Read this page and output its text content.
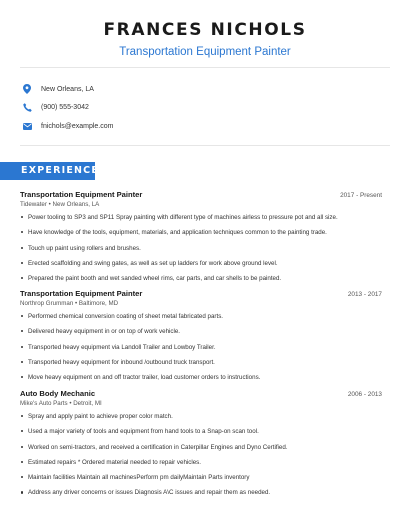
FRANCES NICHOLS
Transportation Equipment Painter
New Orleans, LA
(900) 555-3042
fnichols@example.com
EXPERIENCE
Transportation Equipment Painter	2017 - Present
Tidewater • New Orleans, LA
Power tooling to SP3 and SP11 Spray painting with different type of machines airless to pressure pot and all size.
Have knowledge of the tools, equipment, materials, and application techniques common to the painting trade.
Touch up paint using rollers and brushes.
Erected scaffolding and swing gates, as well as set up ladders for work above ground level.
Prepared the paint booth and wet sanded wheel rims, car parts, and car shells to be painted.
Transportation Equipment Painter	2013 - 2017
Northrop Grumman • Baltimore, MD
Performed chemical conversion coating of sheet metal fabricated parts.
Delivered heavy equipment in or on top of work vehicle.
Transported heavy equipment via Landoll Trailer and Lowboy Trailer.
Transported heavy equipment for inbound /outbound truck transport.
Move heavy equipment on and off tractor trailer, load customer orders to instructions.
Auto Body Mechanic	2006 - 2013
Mike's Auto Parts • Detroit, MI
Spray and apply paint to achieve proper color match.
Used a major variety of tools and equipment from hand tools to a Snap-on scan tool.
Worked on semi-tractors, and received a certification in Caterpillar Engines and Dyno Certified.
Estimated repairs * Ordered material needed to repair vehicles.
Maintain facilities Maintain all machinesPerform pm dailyMaintain Parts inventory
Address any driver concerns or issues Diagnosis A\C issues and repair them as needed.
